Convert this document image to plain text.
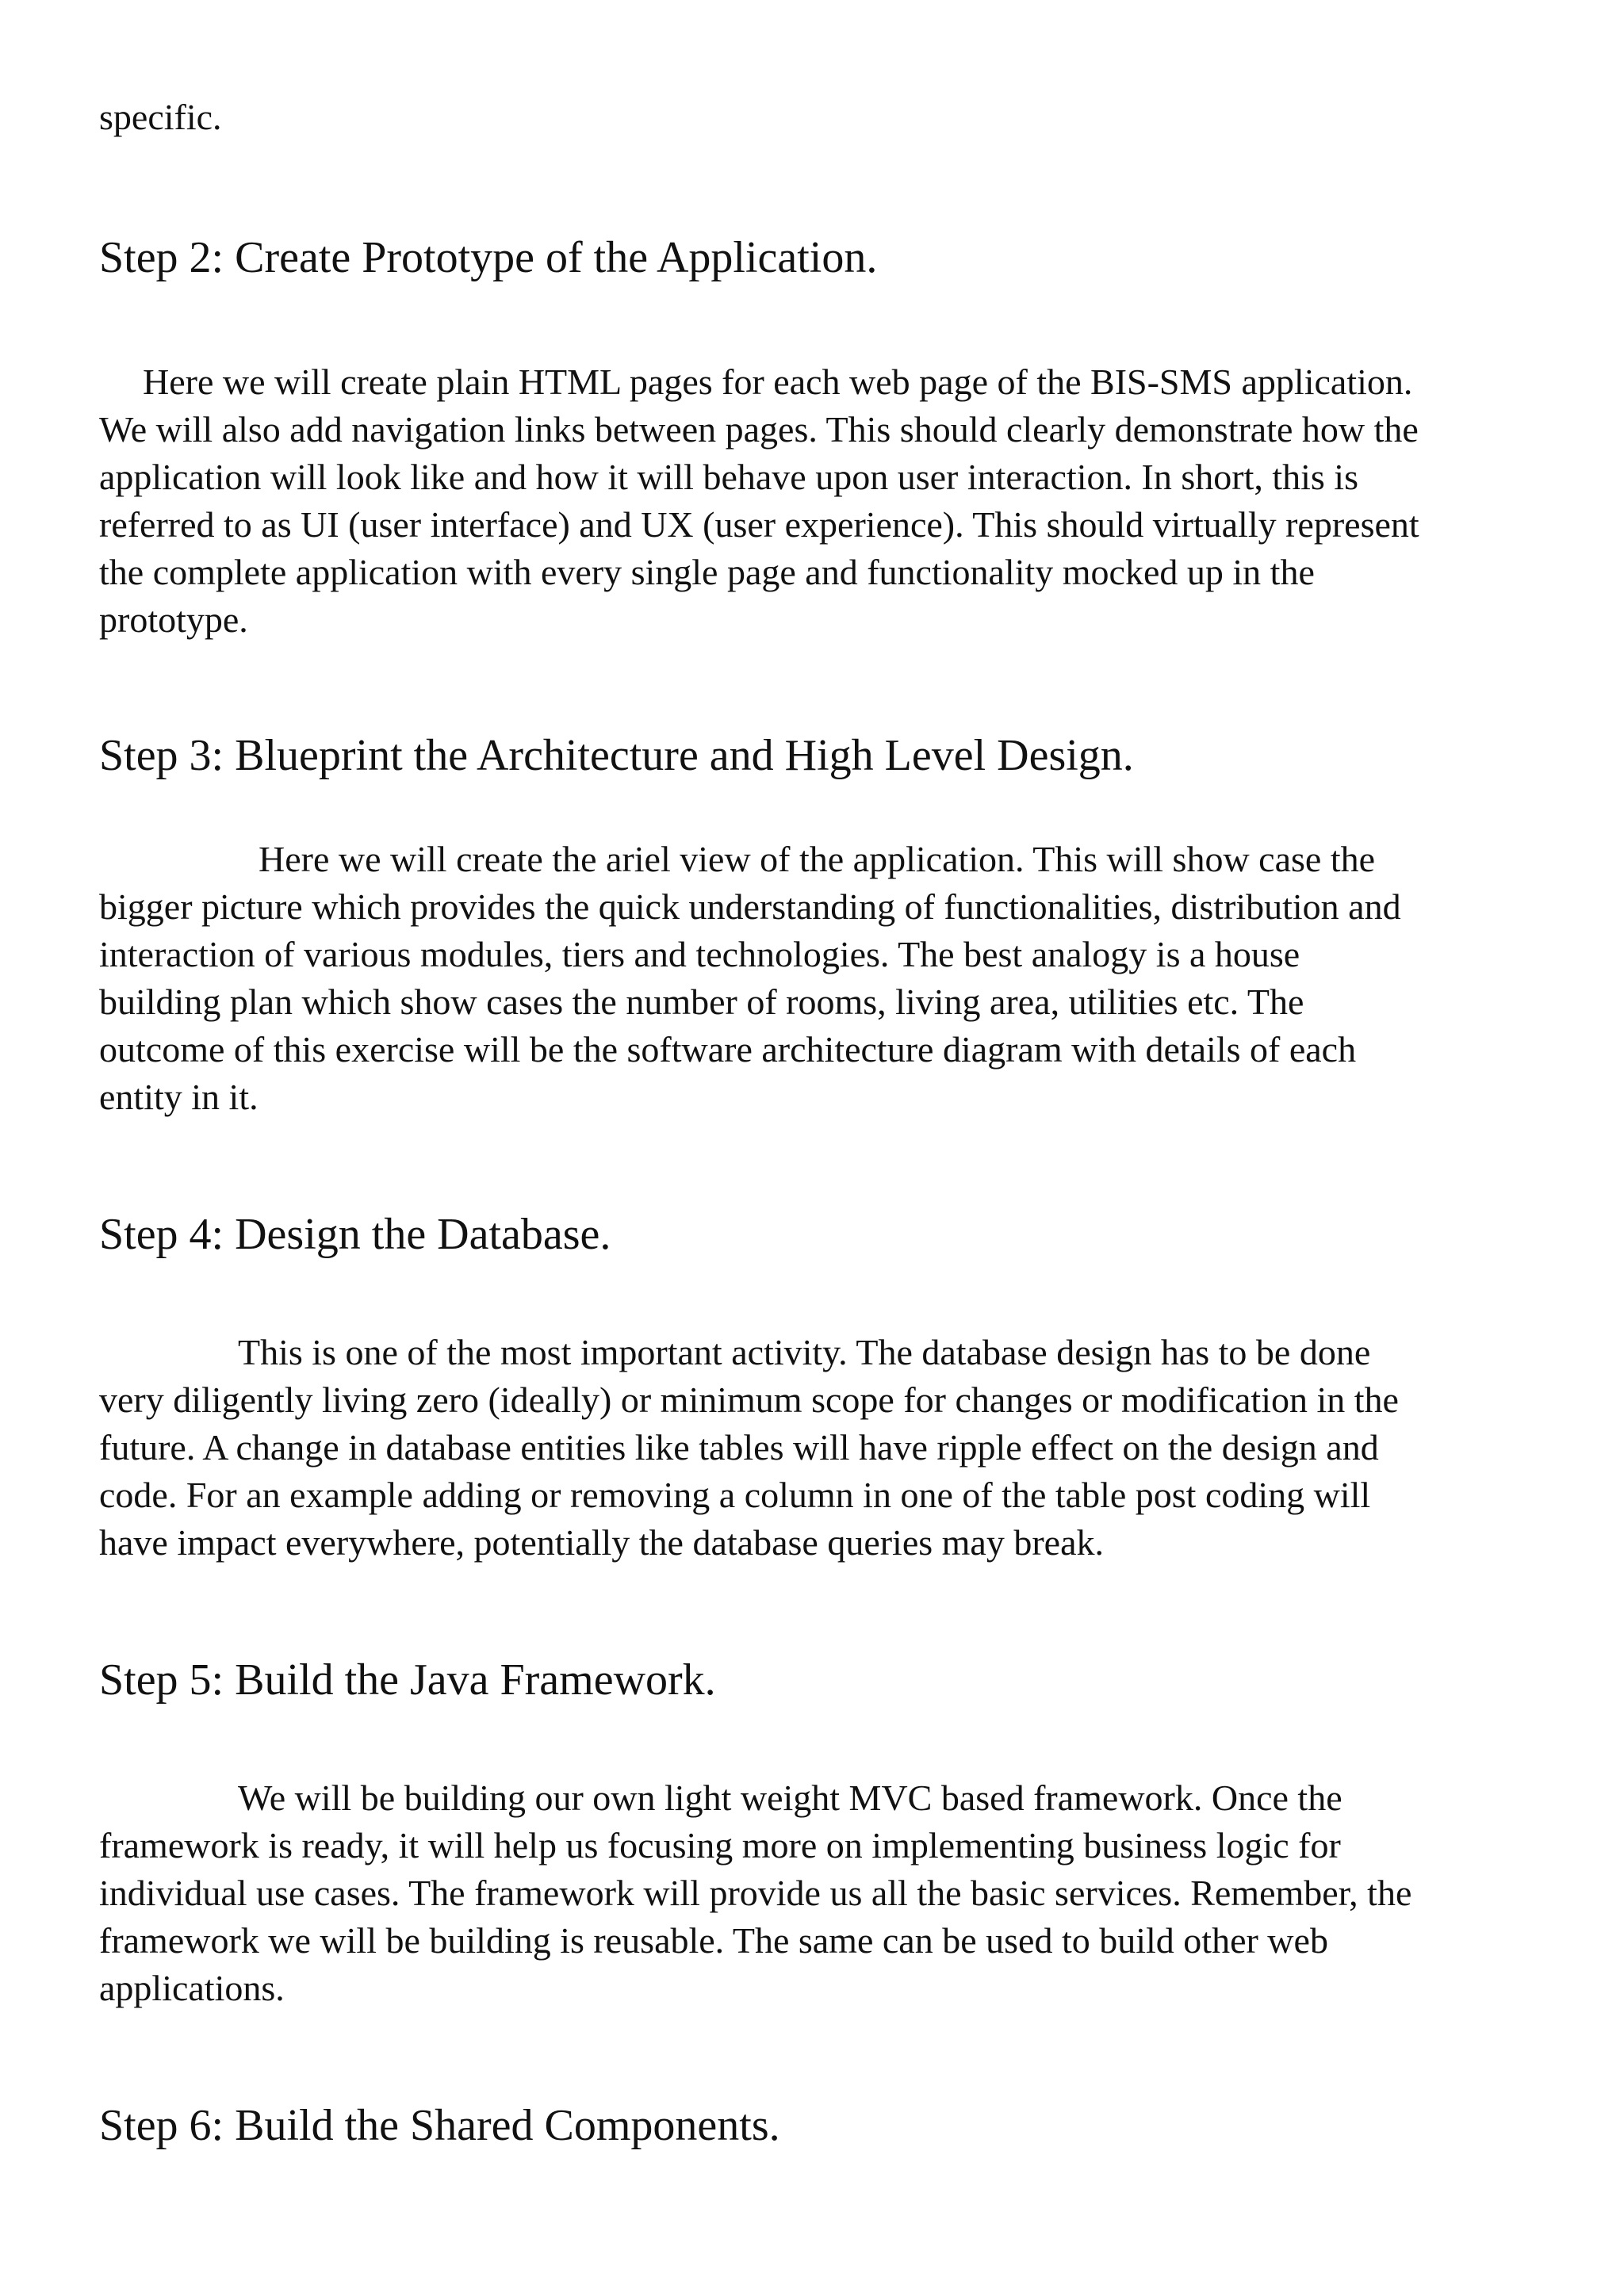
specific.

Step 2: Create Prototype of the Application.

Here we will create plain HTML pages for each web page of the BIS-SMS application.

We will also add navigation links between pages. This should clearly demonstrate how the

application will look like and how it will behave upon user interaction. In short, this is

referred to as UI (user interface) and UX (user experience). This should virtually represent

the complete application with every single page and functionality mocked up in the

prototype.

Step 3: Blueprint the Architecture and High Level Design.

Here we will create the ariel view of the application. This will show case the

bigger picture which provides the quick understanding of functionalities, distribution and

interaction of various modules, tiers and technologies. The best analogy is a house

building plan which show cases the number of rooms, living area, utilities etc. The

outcome of this exercise will be the software architecture diagram with details of each

entity in it.

Step 4: Design the Database.

This is one of the most important activity. The database design has to be done

very diligently living zero (ideally) or minimum scope for changes or modification in the

future. A change in database entities like tables will have ripple effect on the design and

code. For an example adding or removing a column in one of the table post coding will

have impact everywhere, potentially the database queries may break.

Step 5: Build the Java Framework.

We will be building our own light weight MVC based framework. Once the

framework is ready, it will help us focusing more on implementing business logic for

individual use cases. The framework will provide us all the basic services. Remember, the

framework we will be building is reusable. The same can be used to build other web

applications.

Step 6: Build the Shared Components.
